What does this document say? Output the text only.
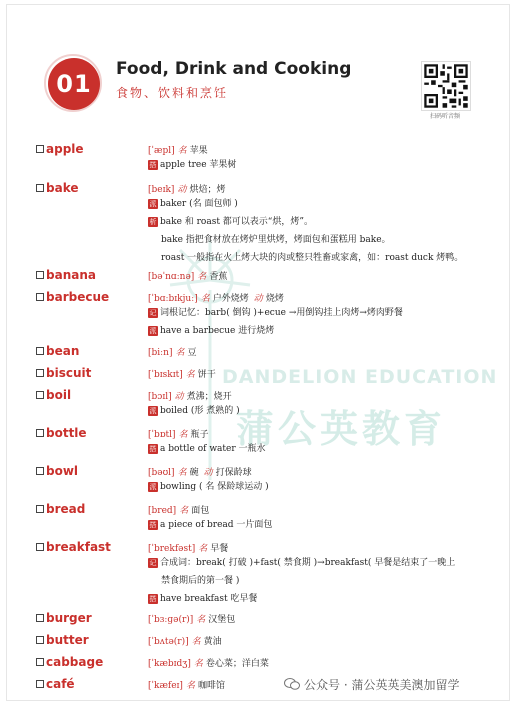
DANDELION EDUCATION
蒲公英教育
01
Food, Drink and Cooking
食物、饮料和烹饪
扫码听音频
apple	[ˈæpl] 名 苹果
搭 apple tree 苹果树
bake	[beɪk] 动 烘焙；烤
派 baker (名 面包师 )
析 bake 和 roast 都可以表示“烘，烤”。
bake 指把食材放在烤炉里烘烤，烤面包和蛋糕用 bake。
roast 一般指在火上烤大块的肉或整只牲畜或家禽，如：roast duck 烤鸭。
banana	[bəˈnɑːnə] 名 香蕉
barbecue	[ˈbɑːbɪkjuː] 名 户外烧烤 动 烧烤
记 词根记忆：barb( 倒钩 )+ecue →用倒钩挂上肉烤→烤肉野餐
派 have a barbecue 进行烧烤
bean	[biːn] 名 豆
biscuit	[ˈbɪskɪt] 名 饼干
boil	[bɔɪl] 动 煮沸；烧开
派 boiled (形 煮熟的 )
bottle	[ˈbɒtl] 名 瓶子
搭 a bottle of water 一瓶水
bowl	[bəʊl] 名 碗 动 打保龄球
派 bowling ( 名 保龄球运动 )
bread	[bred] 名 面包
搭 a piece of bread 一片面包
breakfast	[ˈbrekfəst] 名 早餐
记 合成词：break( 打破 )+fast( 禁食期 )→breakfast( 早餐是结束了一晚上
禁食期后的第一餐 )
搭 have breakfast 吃早餐
burger	[ˈbɜːɡə(r)] 名 汉堡包
butter	[ˈbʌtə(r)] 名 黄油
cabbage	[ˈkæbɪdʒ] 名 卷心菜；洋白菜
café	[ˈkæfeɪ] 名 咖啡馆	公众号 · 蒲公英英美澳加留学
